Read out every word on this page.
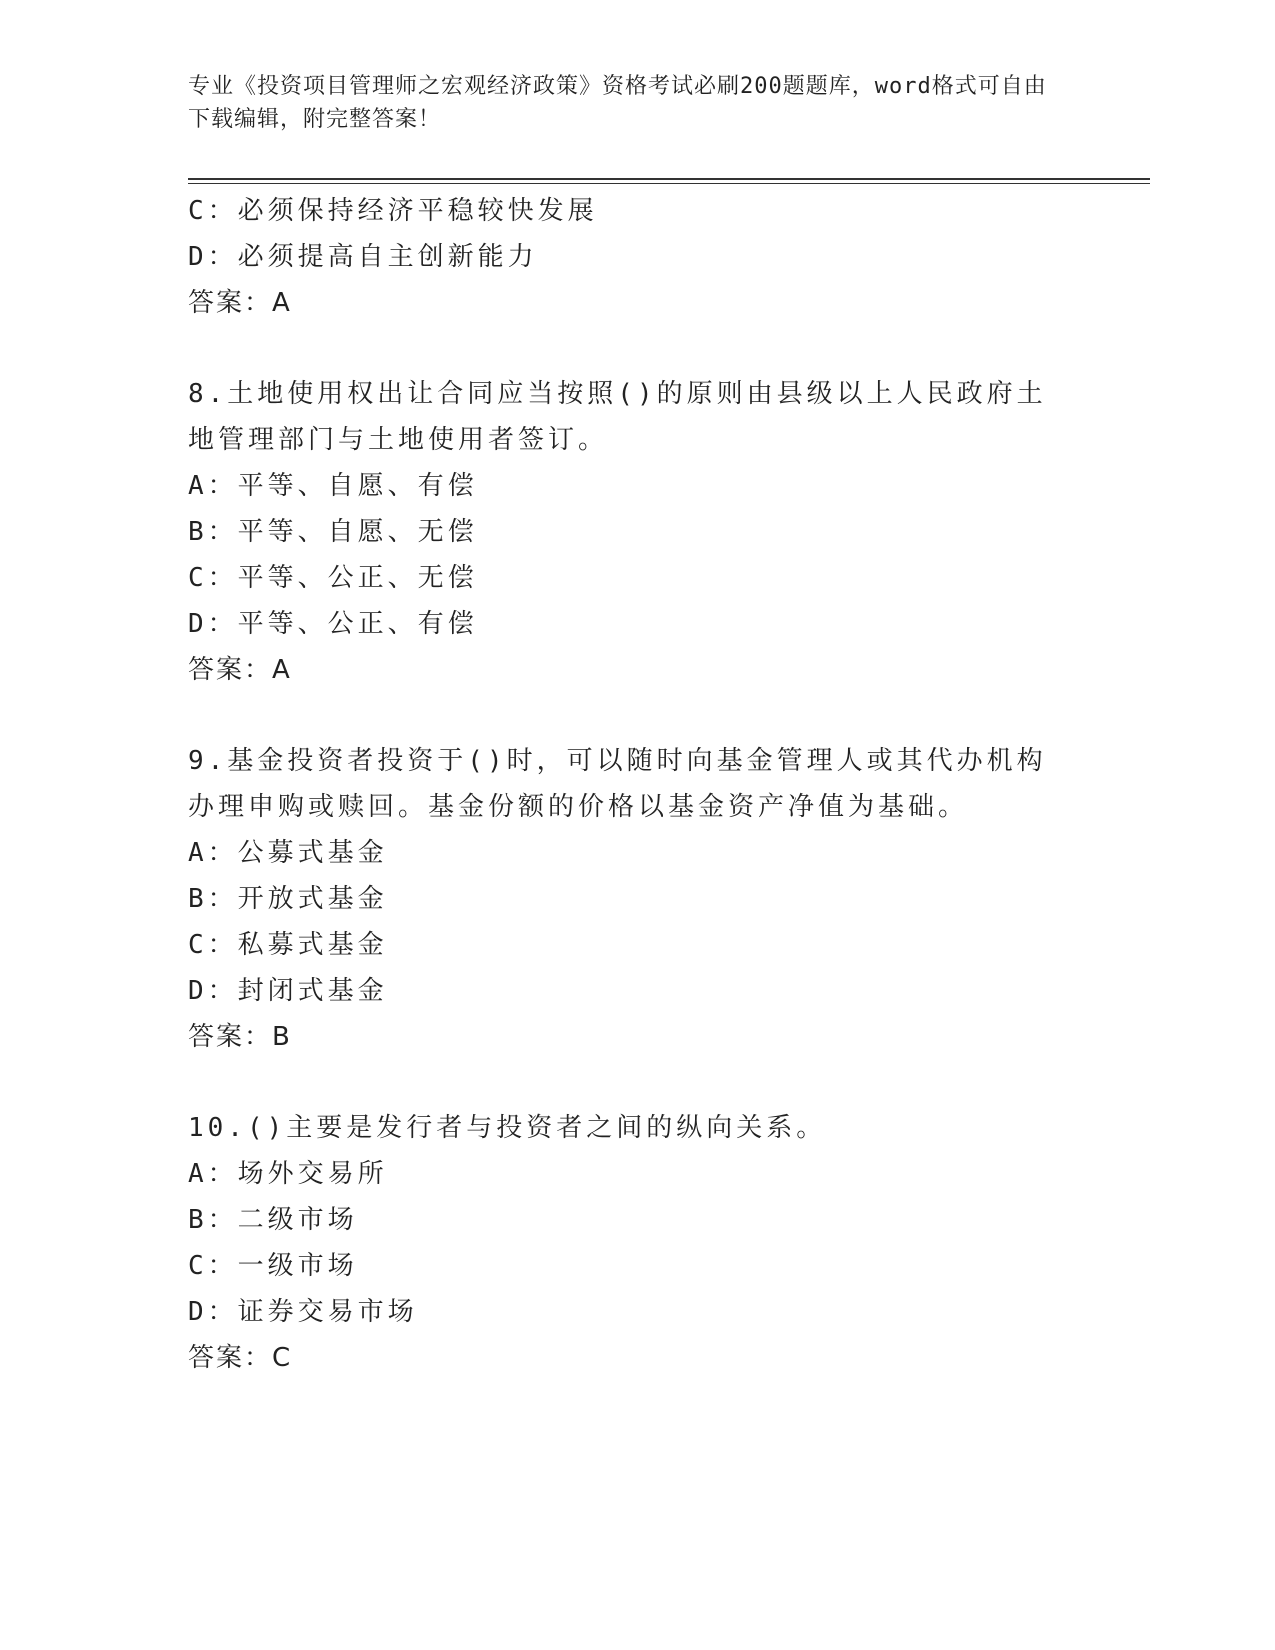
专业《投资项目管理师之宏观经济政策》资格考试必刷200题题库，word格式可自由下载编辑，附完整答案！
C：必须保持经济平稳较快发展
D：必须提高自主创新能力
答案：A
8.土地使用权出让合同应当按照()的原则由县级以上人民政府土地管理部门与土地使用者签订。
A：平等、自愿、有偿
B：平等、自愿、无偿
C：平等、公正、无偿
D：平等、公正、有偿
答案：A
9.基金投资者投资于()时，可以随时向基金管理人或其代办机构办理申购或赎回。基金份额的价格以基金资产净值为基础。
A：公募式基金
B：开放式基金
C：私募式基金
D：封闭式基金
答案：B
10.()主要是发行者与投资者之间的纵向关系。
A：场外交易所
B：二级市场
C：一级市场
D：证券交易市场
答案：C
